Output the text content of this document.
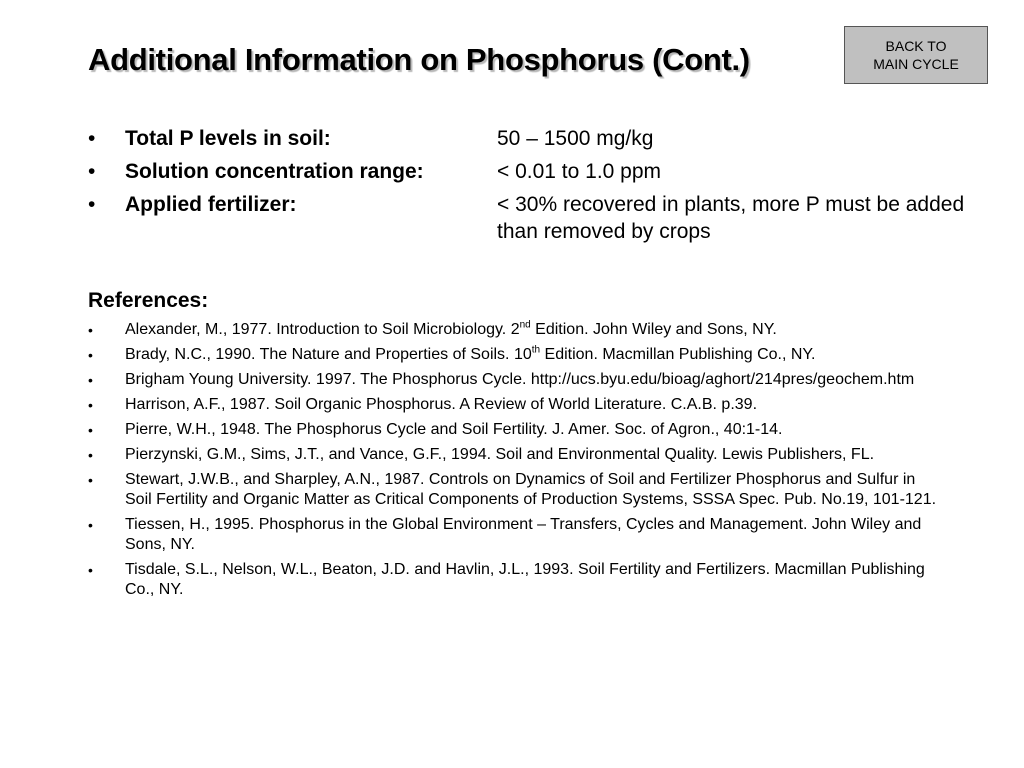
Additional Information on Phosphorus (Cont.)	BACK TO
MAIN CYCLE
•	Total P levels in soil:	50 – 1500 mg/kg
•	Solution concentration range:	< 0.01 to 1.0 ppm
•	Applied fertilizer:	< 30% recovered in plants, more P must be added than removed by crops
References:
•	Alexander, M., 1977. Introduction to Soil Microbiology. 2nd Edition. John Wiley and Sons, NY.
•	Brady, N.C., 1990. The Nature and Properties of Soils. 10th Edition. Macmillan Publishing Co., NY.
•	Brigham Young University. 1997. The Phosphorus Cycle. http://ucs.byu.edu/bioag/aghort/214pres/geochem.htm
•	Harrison, A.F., 1987. Soil Organic Phosphorus. A Review of World Literature. C.A.B. p.39.
•	Pierre, W.H., 1948. The Phosphorus Cycle and Soil Fertility. J. Amer. Soc. of Agron., 40:1-14.
•	Pierzynski, G.M., Sims, J.T., and Vance, G.F., 1994. Soil and Environmental Quality. Lewis Publishers, FL.
•	Stewart, J.W.B., and Sharpley, A.N., 1987. Controls on Dynamics of Soil and Fertilizer Phosphorus and Sulfur in Soil Fertility and Organic Matter as Critical Components of Production Systems, SSSA Spec. Pub. No.19, 101-121.
•	Tiessen, H., 1995. Phosphorus in the Global Environment – Transfers, Cycles and Management. John Wiley and Sons, NY.
•	Tisdale, S.L., Nelson, W.L., Beaton, J.D. and Havlin, J.L., 1993. Soil Fertility and Fertilizers. Macmillan Publishing Co., NY.
